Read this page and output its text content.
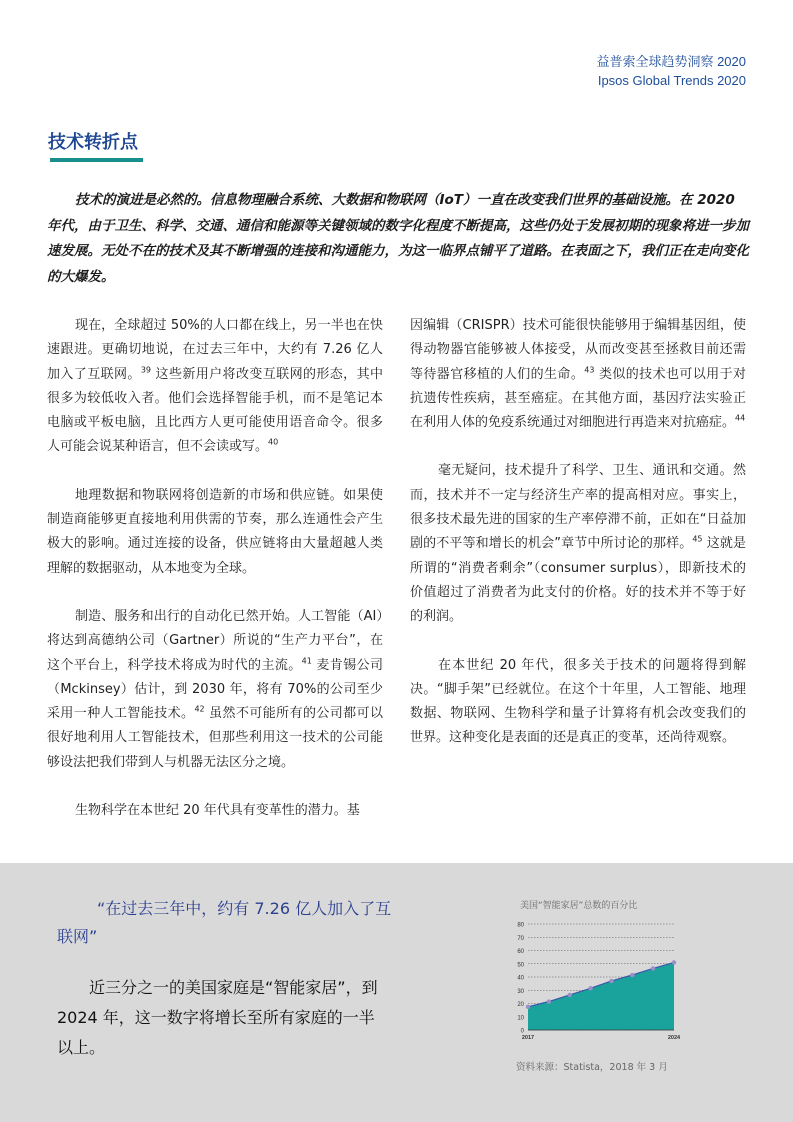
益普索全球趋势洞察 2020
Ipsos Global Trends 2020
技术转折点
技术的演进是必然的。信息物理融合系统、大数据和物联网（IoT）一直在改变我们世界的基础设施。在 2020 年代，由于卫生、科学、交通、通信和能源等关键领域的数字化程度不断提高，这些仍处于发展初期的现象将进一步加速发展。无处不在的技术及其不断增强的连接和沟通能力，为这一临界点铺平了道路。在表面之下，我们正在走向变化的大爆发。

现在，全球超过 50%的人口都在线上，另一半也在快速跟进。更确切地说，在过去三年中，大约有 7.26 亿人加入了互联网。$^{39}$ 这些新用户将改变互联网的形态，其中很多为较低收入者。他们会选择智能手机，而不是笔记本电脑或平板电脑，且比西方人更可能使用语音命令。很多人可能会说某种语言，但不会读或写。$^{40}$

地理数据和物联网将创造新的市场和供应链。如果使制造商能够更直接地利用供需的节奏，那么连通性会产生极大的影响。通过连接的设备，供应链将由大量超越人类理解的数据驱动，从本地变为全球。

制造、服务和出行的自动化已然开始。人工智能（AI）将达到高德纳公司（Gartner）所说的“生产力平台”，在这个平台上，科学技术将成为时代的主流。$^{41}$ 麦肯锡公司（Mckinsey）估计，到 2030 年，将有 70%的公司至少采用一种人工智能技术。$^{42}$ 虽然不可能所有的公司都可以很好地利用人工智能技术，但那些利用这一技术的公司能够设法把我们带到人与机器无法区分之境。

生物科学在本世纪 20 年代具有变革性的潜力。基

因编辑（CRISPR）技术可能很快能够用于编辑基因组，使得动物器官能够被人体接受，从而改变甚至拯救目前还需等待器官移植的人们的生命。$^{43}$ 类似的技术也可以用于对抗遗传性疾病，甚至癌症。在其他方面，基因疗法实验正在利用人体的免疫系统通过对细胞进行再造来对抗癌症。$^{44}$

毫无疑问，技术提升了科学、卫生、通讯和交通。然而，技术并不一定与经济生产率的提高相对应。事实上，很多技术最先进的国家的生产率停滞不前，正如在“日益加剧的不平等和增长的机会”章节中所讨论的那样。$^{45}$ 这就是所谓的“消费者剩余”（consumer surplus），即新技术的价值超过了消费者为此支付的价格。好的技术并不等于好的利润。

在本世纪 20 年代，很多关于技术的问题将得到解决。“脚手架”已经就位。在这个十年里，人工智能、地理数据、物联网、生物科学和量子计算将有机会改变我们的世界。这种变化是表面的还是真正的变革，还尚待观察。

“在过去三年中，约有 7.26 亿人加入了互联网”
近三分之一的美国家庭是“智能家居”，到 2024 年，这一数字将增长至所有家庭的一半以上。
美国“智能家居”总数的百分比
0
10
20
30
40
50
60
70
80
2017	2024
资料来源：Statista，2018 年 3 月
